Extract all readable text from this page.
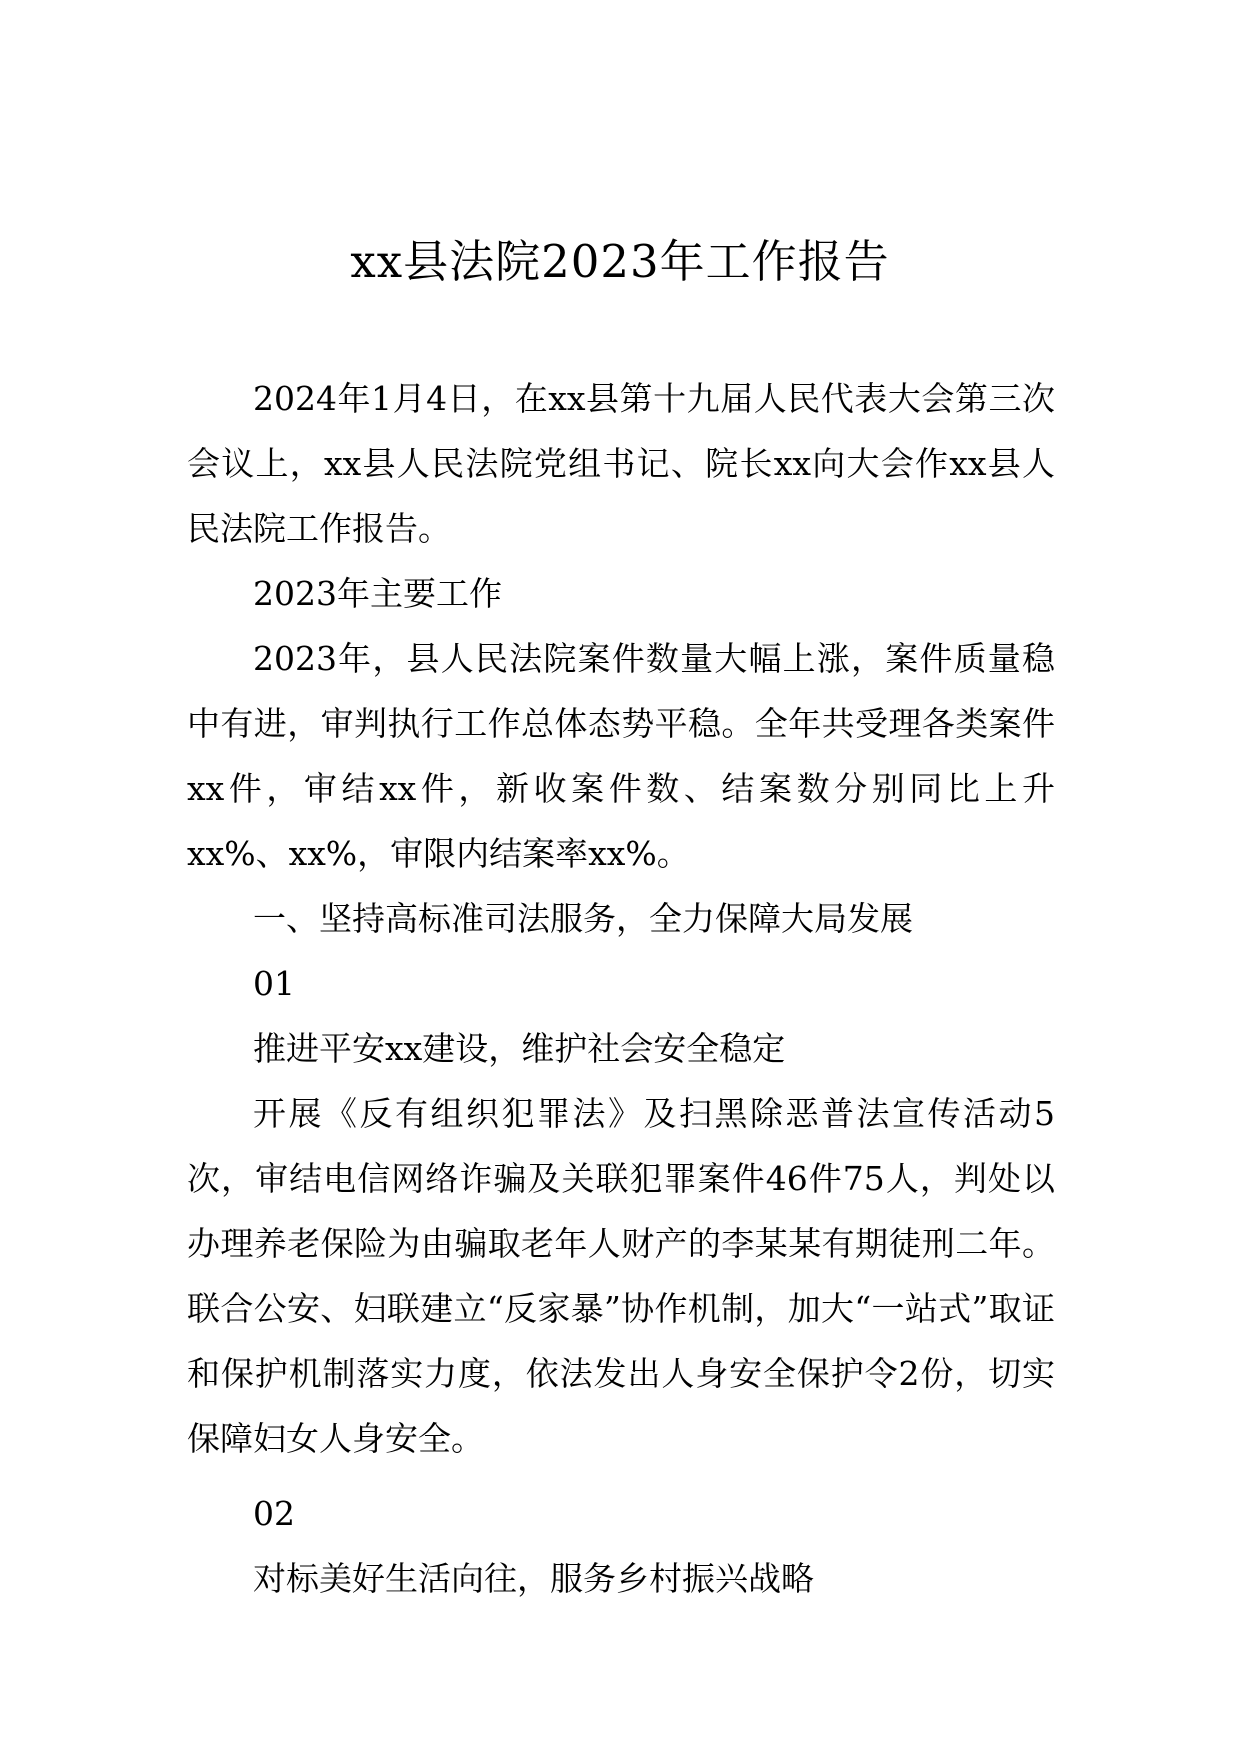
xx县法院2023年工作报告

2024年1月4日，在xx县第十九届人民代表大会第三次会议上，xx县人民法院党组书记、院长xx向大会作xx县人民法院工作报告。

2023年主要工作

2023年，县人民法院案件数量大幅上涨，案件质量稳中有进，审判执行工作总体态势平稳。全年共受理各类案件xx件，审结xx件，新收案件数、结案数分别同比上升xx%、xx%，审限内结案率xx%。

一、坚持高标准司法服务，全力保障大局发展

01

推进平安xx建设，维护社会安全稳定

开展《反有组织犯罪法》及扫黑除恶普法宣传活动5次，审结电信网络诈骗及关联犯罪案件46件75人，判处以办理养老保险为由骗取老年人财产的李某某有期徒刑二年。联合公安、妇联建立“反家暴”协作机制，加大“一站式”取证和保护机制落实力度，依法发出人身安全保护令2份，切实保障妇女人身安全。

02

对标美好生活向往，服务乡村振兴战略
